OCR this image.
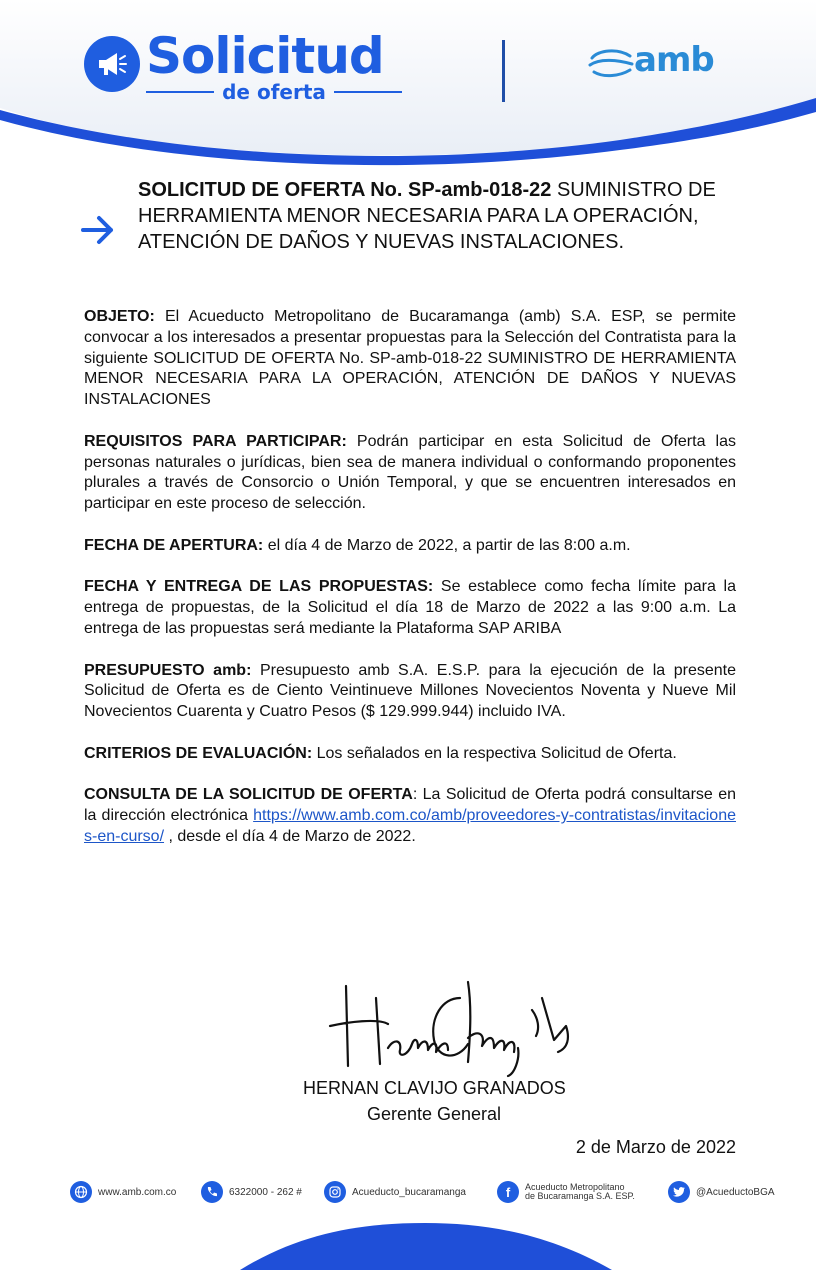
Solicitud
de oferta
amb
SOLICITUD DE OFERTA No. SP-amb-018-22 SUMINISTRO DE HERRAMIENTA MENOR NECESARIA PARA LA OPERACIÓN, ATENCIÓN DE DAÑOS Y NUEVAS INSTALACIONES.

OBJETO: El Acueducto Metropolitano de Bucaramanga (amb) S.A. ESP, se permite convocar a los interesados a presentar propuestas para la Selección del Contratista para la siguiente SOLICITUD DE OFERTA No. SP-amb-018-22 SUMINISTRO DE HERRAMIENTA MENOR NECESARIA PARA LA OPERACIÓN, ATENCIÓN DE DAÑOS Y NUEVAS INSTALACIONES

REQUISITOS PARA PARTICIPAR: Podrán participar en esta Solicitud de Oferta las personas naturales o jurídicas, bien sea de manera individual o conformando proponentes plurales a través de Consorcio o Unión Temporal, y que se encuentren interesados en participar en este proceso de selección.

FECHA DE APERTURA: el día 4 de Marzo de 2022, a partir de las 8:00 a.m.

FECHA Y ENTREGA DE LAS PROPUESTAS: Se establece como fecha límite para la entrega de propuestas, de la Solicitud el día 18 de Marzo de 2022 a las 9:00 a.m. La entrega de las propuestas será mediante la Plataforma SAP ARIBA

PRESUPUESTO amb: Presupuesto amb S.A. E.S.P. para la ejecución de la presente Solicitud de Oferta es de Ciento Veintinueve Millones Novecientos Noventa y Nueve Mil Novecientos Cuarenta y Cuatro Pesos ($ 129.999.944) incluido IVA.

CRITERIOS DE EVALUACIÓN: Los señalados en la respectiva Solicitud de Oferta.

CONSULTA DE LA SOLICITUD DE OFERTA: La Solicitud de Oferta podrá consultarse en la dirección electrónica https://www.amb.com.co/amb/proveedores-y-contratistas/invitaciones-en-curso/ , desde el día 4 de Marzo de 2022.

HERNAN CLAVIJO GRANADOS
Gerente General
2 de Marzo de 2022
www.amb.com.co	6322000 - 262 #	Acueducto_bucaramanga	f Acueducto Metropolitano
de Bucaramanga S.A. ESP.	@AcueductoBGA
